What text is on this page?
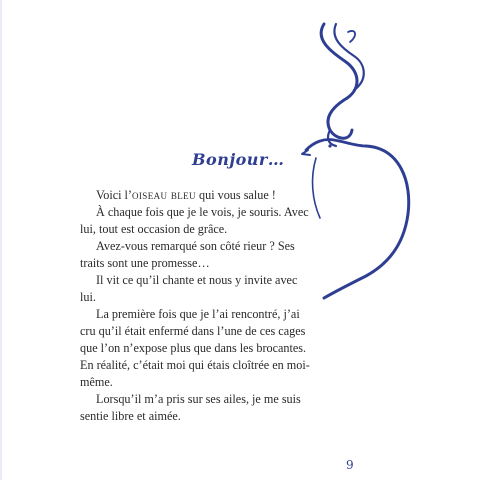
Bonjour…

Voici l’oiseau bleu qui vous salue !

À chaque fois que je le vois, je souris. Avec lui, tout est occasion de grâce.

Avez-vous remarqué son côté rieur ? Ses traits sont une promesse…

Il vit ce qu’il chante et nous y invite avec lui.

La première fois que je l’ai rencontré, j’ai cru qu’il était enfermé dans l’une de ces cages que l’on n’expose plus que dans les brocantes. En réalité, c’était moi qui étais cloîtrée en moi-même.

Lorsqu’il m’a pris sur ses ailes, je me suis sentie libre et aimée.

9
